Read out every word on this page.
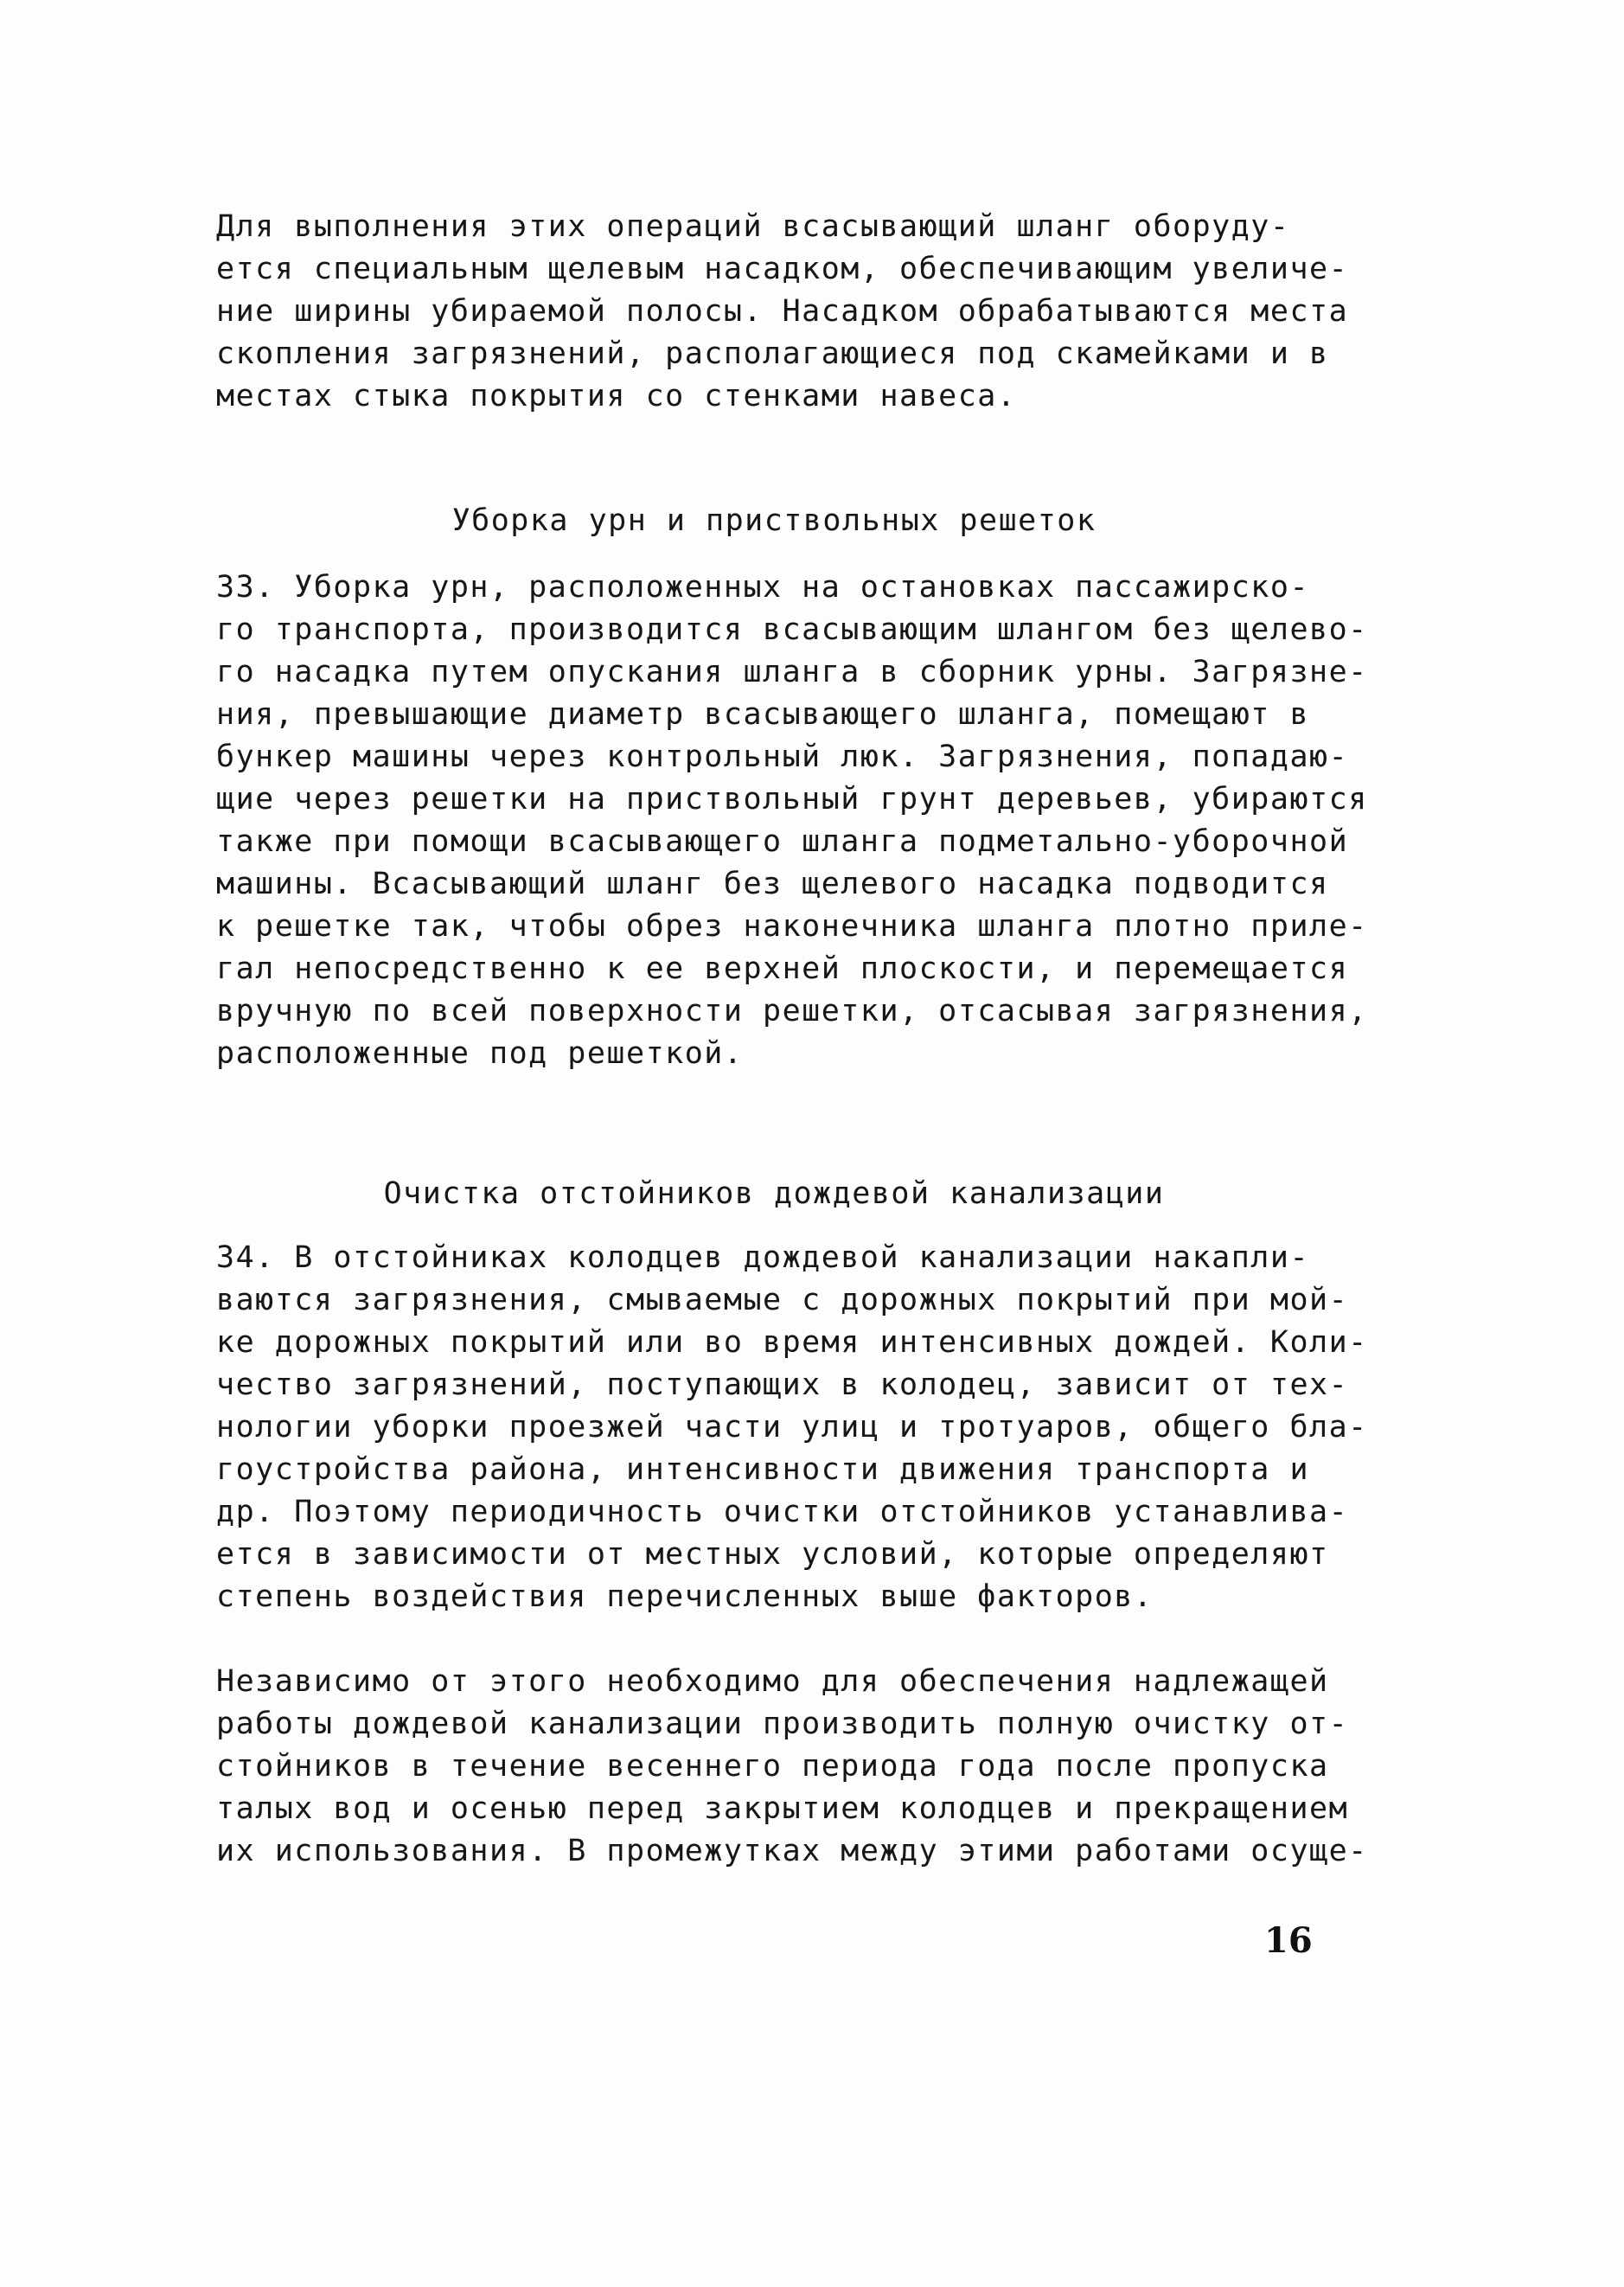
Для выполнения этих операций всасывающий шланг оборуду-
ется специальным щелевым насадком, обеспечивающим увеличе-
ние ширины убираемой полосы. Насадком обрабатываются места
скопления загрязнений, располагающиеся под скамейками и в
местах стыка покрытия со стенками навеса.
Уборка урн и приствольных решеток
33. Уборка урн, расположенных на остановках пассажирско-
го транспорта, производится всасывающим шлангом без щелево-
го насадка путем опускания шланга в сборник урны. Загрязне-
ния, превышающие диаметр всасывающего шланга, помещают в
бункер машины через контрольный люк. Загрязнения, попадаю-
щие через решетки на приствольный грунт деревьев, убираются
также при помощи всасывающего шланга подметально-уборочной
машины. Всасывающий шланг без щелевого насадка подводится
к решетке так, чтобы обрез наконечника шланга плотно приле-
гал непосредственно к ее верхней плоскости, и перемещается
вручную по всей поверхности решетки, отсасывая загрязнения,
расположенные под решеткой.
Очистка отстойников дождевой канализации
34. В отстойниках колодцев дождевой канализации накапли-
ваются загрязнения, смываемые с дорожных покрытий при мой-
ке дорожных покрытий или во время интенсивных дождей. Коли-
чество загрязнений, поступающих в колодец, зависит от тех-
нологии уборки проезжей части улиц и тротуаров, общего бла-
гоустройства района, интенсивности движения транспорта и
др. Поэтому периодичность очистки отстойников устанавлива-
ется в зависимости от местных условий, которые определяют
степень воздействия перечисленных выше факторов.
Независимо от этого необходимо для обеспечения надлежащей
работы дождевой канализации производить полную очистку от-
стойников в течение весеннего периода года после пропуска
талых вод и осенью перед закрытием колодцев и прекращением
их использования. В промежутках между этими работами осуще-
16
